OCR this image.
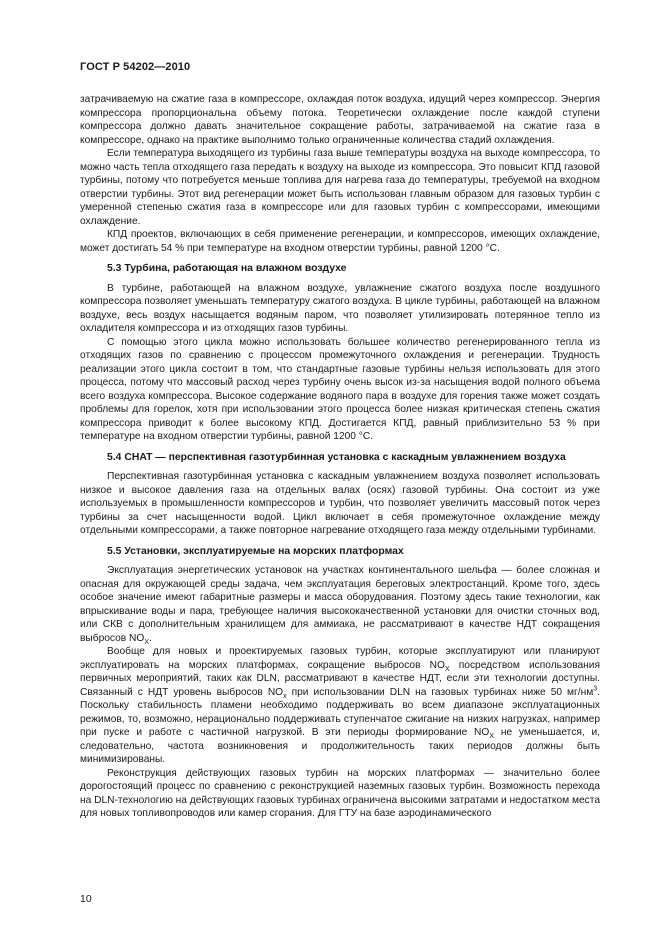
ГОСТ Р 54202—2010

затрачиваемую на сжатие газа в компрессоре, охлаждая поток воздуха, идущий через компрессор. Энергия компрессора пропорциональна объему потока. Теоретически охлаждение после каждой ступени компрессора должно давать значительное сокращение работы, затрачиваемой на сжатие газа в компрессоре, однако на практике выполнимо только ограниченные количества стадий охлаждения.

Если температура выходящего из турбины газа выше температуры воздуха на выходе компрессора, то можно часть тепла отходящего газа передать к воздуху на выходе из компрессора. Это повысит КПД газовой турбины, потому что потребуется меньше топлива для нагрева газа до температуры, требуемой на входном отверстии турбины. Этот вид регенерации может быть использован главным образом для газовых турбин с умеренной степенью сжатия газа в компрессоре или для газовых турбин с компрессорами, имеющими охлаждение.

КПД проектов, включающих в себя применение регенерации, и компрессоров, имеющих охлаждение, может достигать 54 % при температуре на входном отверстии турбины, равной 1200 °С.

5.3 Турбина, работающая на влажном воздухе

В турбине, работающей на влажном воздухе, увлажнение сжатого воздуха после воздушного компрессора позволяет уменьшать температуру сжатого воздуха. В цикле турбины, работающей на влажном воздухе, весь воздух насыщается водяным паром, что позволяет утилизировать потерянное тепло из охладителя компрессора и из отходящих газов турбины.

С помощью этого цикла можно использовать большее количество регенерированного тепла из отходящих газов по сравнению с процессом промежуточного охлаждения и регенерации. Трудность реализации этого цикла состоит в том, что стандартные газовые турбины нельзя использовать для этого процесса, потому что массовый расход через турбину очень высок из-за насыщения водой полного объема всего воздуха компрессора. Высокое содержание водяного пара в воздухе для горения также может создать проблемы для горелок, хотя при использовании этого процесса более низкая критическая степень сжатия компрессора приводит к более высокому КПД. Достигается КПД, равный приблизительно 53 % при температуре на входном отверстии турбины, равной 1200 °С.

5.4 CHAT — перспективная газотурбинная установка с каскадным увлажнением воздуха

Перспективная газотурбинная установка с каскадным увлажнением воздуха позволяет использовать низкое и высокое давления газа на отдельных валах (осях) газовой турбины. Она состоит из уже используемых в промышленности компрессоров и турбин, что позволяет увеличить массовый поток через турбины за счет насыщенности водой. Цикл включает в себя промежуточное охлаждение между отдельными компрессорами, а также повторное нагревание отходящего газа между отдельными турбинами.

5.5 Установки, эксплуатируемые на морских платформах

Эксплуатация энергетических установок на участках континентального шельфа — более сложная и опасная для окружающей среды задача, чем эксплуатация береговых электростанций. Кроме того, здесь особое значение имеют габаритные размеры и масса оборудования. Поэтому здесь такие технологии, как впрыскивание воды и пара, требующее наличия высококачественной установки для очистки сточных вод, или СКВ с дополнительным хранилищем для аммиака, не рассматривают в качестве НДТ сокращения выбросов $NO_X$.

Вообще для новых и проектируемых газовых турбин, которые эксплуатируют или планируют эксплуатировать на морских платформах, сокращение выбросов $NO_X$ посредством использования первичных мероприятий, таких как DLN, рассматривают в качестве НДТ, если эти технологии доступны. Связанный с НДТ уровень выбросов $NO_x$ при использовании DLN на газовых турбинах ниже 50 $мг/нм^3$. Поскольку стабильность пламени необходимо поддерживать во всем диапазоне эксплуатационных режимов, то, возможно, нерационально поддерживать ступенчатое сжигание на низких нагрузках, например при пуске и работе с частичной нагрузкой. В эти периоды формирование $NO_X$ не уменьшается, и, следовательно, частота возникновения и продолжительность таких периодов должны быть минимизированы.

Реконструкция действующих газовых турбин на морских платформах — значительно более дорогостоящий процесс по сравнению с реконструкцией наземных газовых турбин. Возможность перехода на DLN-технологию на действующих газовых турбинах ограничена высокими затратами и недостатком места для новых топливопроводов или камер сгорания. Для ГТУ на базе аэродинамического

10
